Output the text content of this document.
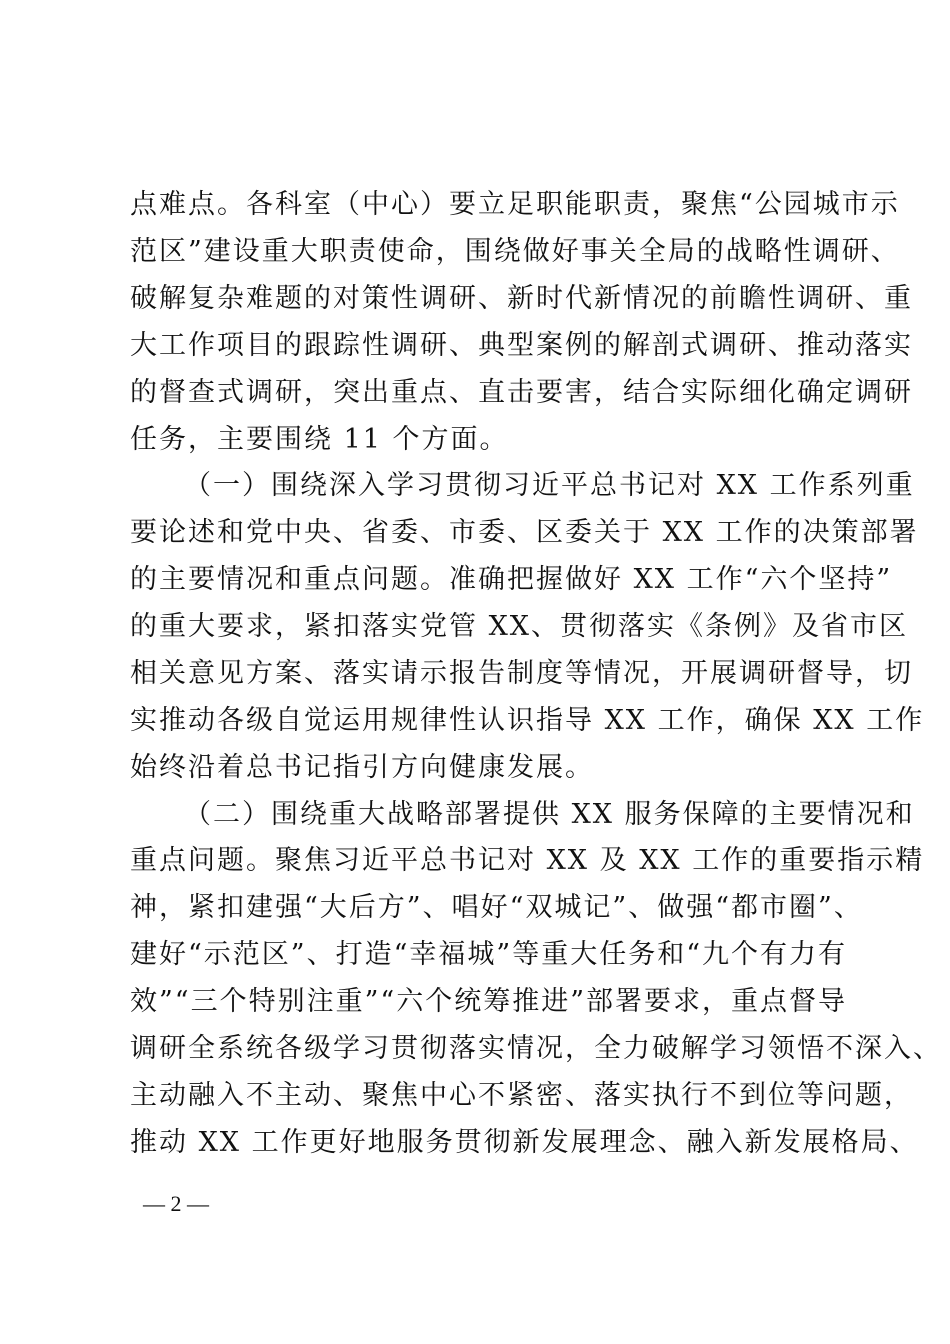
点难点。各科室（中心）要立足职能职责，聚焦“公园城市示
范区”建设重大职责使命，围绕做好事关全局的战略性调研、
破解复杂难题的对策性调研、新时代新情况的前瞻性调研、重
大工作项目的跟踪性调研、典型案例的解剖式调研、推动落实
的督查式调研，突出重点、直击要害，结合实际细化确定调研
任务，主要围绕 11 个方面。
（一）围绕深入学习贯彻习近平总书记对 XX 工作系列重
要论述和党中央、省委、市委、区委关于 XX 工作的决策部署
的主要情况和重点问题。准确把握做好 XX 工作“六个坚持”
的重大要求，紧扣落实党管 XX、贯彻落实《条例》及省市区
相关意见方案、落实请示报告制度等情况，开展调研督导，切
实推动各级自觉运用规律性认识指导 XX 工作，确保 XX 工作
始终沿着总书记指引方向健康发展。
（二）围绕重大战略部署提供 XX 服务保障的主要情况和
重点问题。聚焦习近平总书记对 XX 及 XX 工作的重要指示精
神，紧扣建强“大后方”、唱好“双城记”、做强“都市圈”、
建好“示范区”、打造“幸福城”等重大任务和“九个有力有
效”“三个特别注重”“六个统筹推进”部署要求，重点督导
调研全系统各级学习贯彻落实情况，全力破解学习领悟不深入、
主动融入不主动、聚焦中心不紧密、落实执行不到位等问题，
推动 XX 工作更好地服务贯彻新发展理念、融入新发展格局、
— 2 —
